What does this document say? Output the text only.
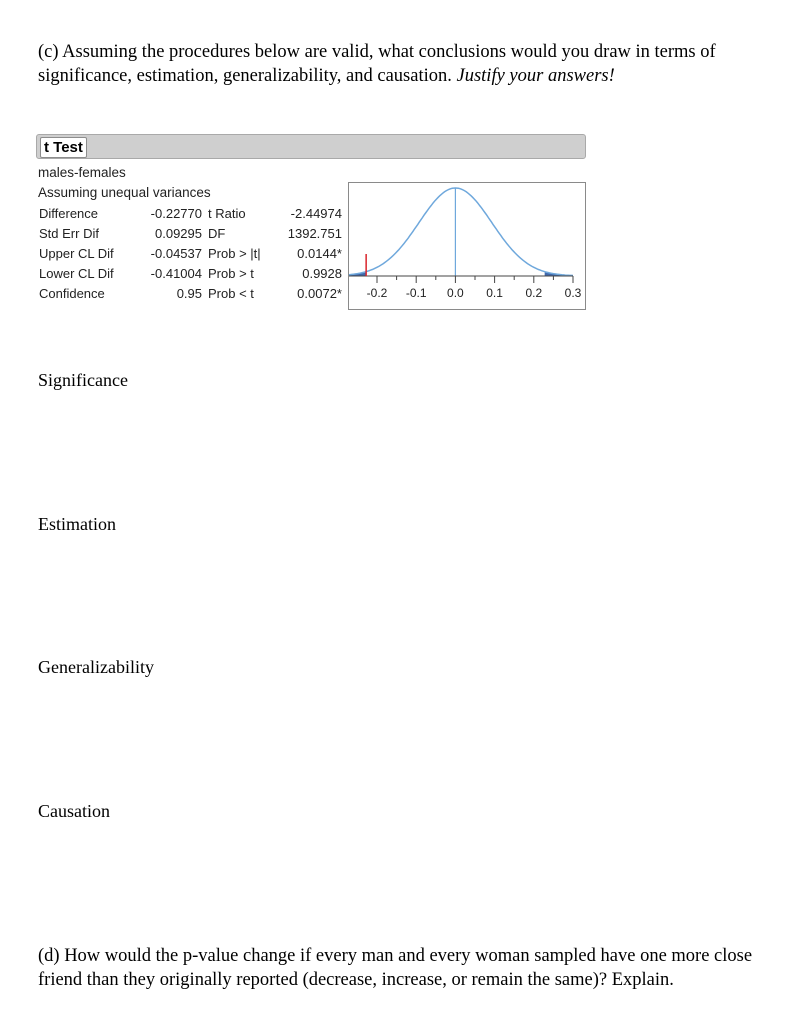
(c) Assuming the procedures below are valid, what conclusions would you draw in terms of significance, estimation, generalizability, and causation. Justify your answers!
t Test
males-females
Assuming unequal variances
Difference	-0.22770 t Ratio	-2.44974
Std Err Dif	0.09295 DF	1392.751
Upper CL Dif	-0.04537 Prob > |t|	0.0144*
Lower CL Dif	-0.41004 Prob > t	0.9928
Confidence	0.95 Prob < t	0.0072* -0.2 -0.1 0.0 0.1 0.2 0.3
Significance
Estimation
Generalizability
Causation
(d) How would the p-value change if every man and every woman sampled have one more close friend than they originally reported (decrease, increase, or remain the same)? Explain.
